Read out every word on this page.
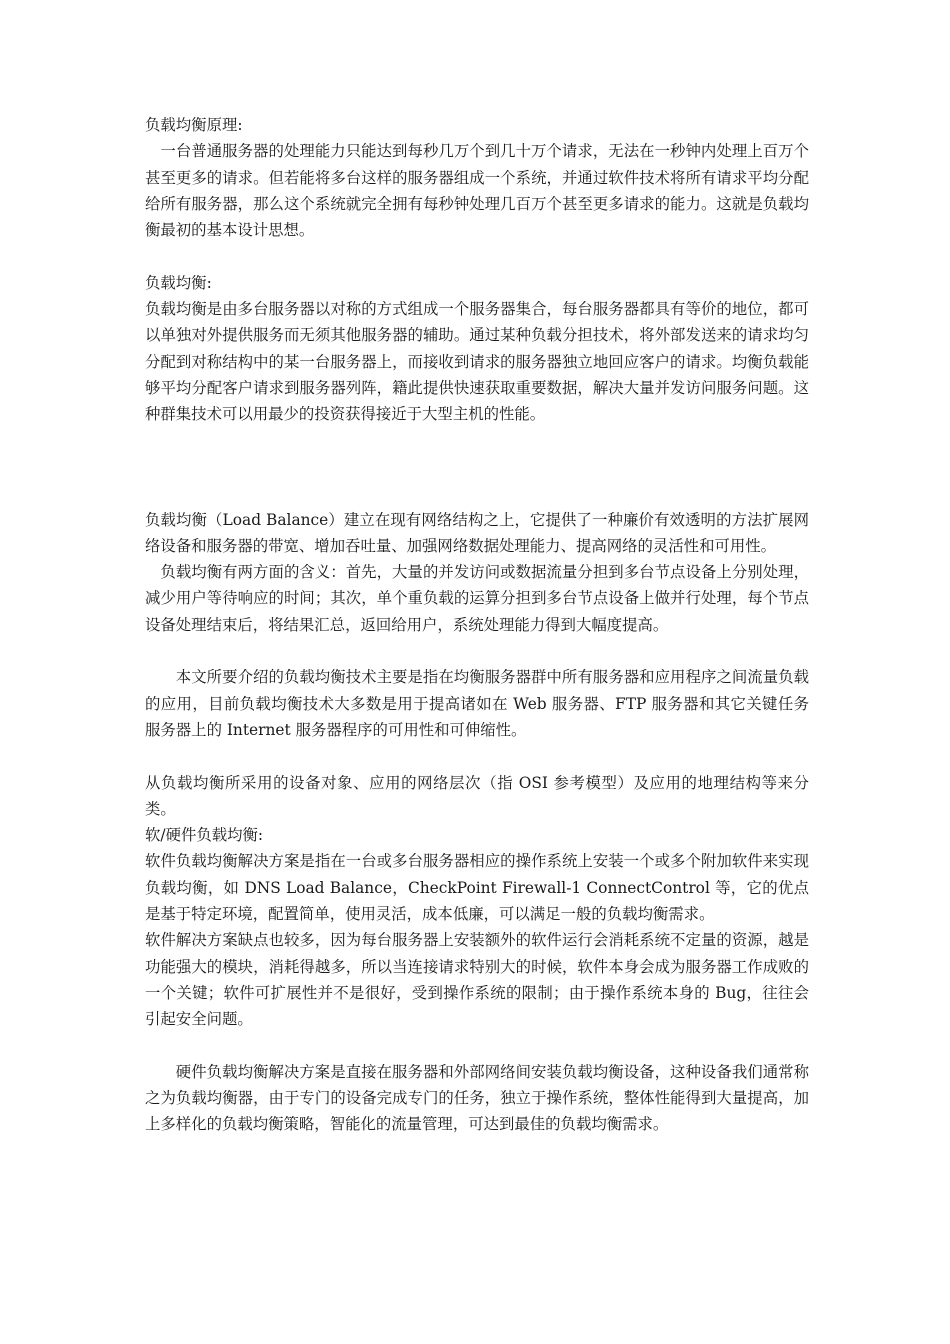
负载均衡原理:

一台普通服务器的处理能力只能达到每秒几万个到几十万个请求，无法在一秒钟内处理上百万个甚至更多的请求。但若能将多台这样的服务器组成一个系统，并通过软件技术将所有请求平均分配给所有服务器，那么这个系统就完全拥有每秒钟处理几百万个甚至更多请求的能力。这就是负载均衡最初的基本设计思想。

负载均衡:

负载均衡是由多台服务器以对称的方式组成一个服务器集合，每台服务器都具有等价的地位，都可以单独对外提供服务而无须其他服务器的辅助。通过某种负载分担技术，将外部发送来的请求均匀分配到对称结构中的某一台服务器上，而接收到请求的服务器独立地回应客户的请求。均衡负载能够平均分配客户请求到服务器列阵，籍此提供快速获取重要数据，解决大量并发访问服务问题。这种群集技术可以用最少的投资获得接近于大型主机的性能。

负载均衡（Load Balance）建立在现有网络结构之上，它提供了一种廉价有效透明的方法扩展网络设备和服务器的带宽、增加吞吐量、加强网络数据处理能力、提高网络的灵活性和可用性。

负载均衡有两方面的含义：首先，大量的并发访问或数据流量分担到多台节点设备上分别处理，减少用户等待响应的时间；其次，单个重负载的运算分担到多台节点设备上做并行处理，每个节点设备处理结束后，将结果汇总，返回给用户，系统处理能力得到大幅度提高。

本文所要介绍的负载均衡技术主要是指在均衡服务器群中所有服务器和应用程序之间流量负载的应用，目前负载均衡技术大多数是用于提高诸如在 Web 服务器、FTP 服务器和其它关键任务服务器上的 Internet 服务器程序的可用性和可伸缩性。

从负载均衡所采用的设备对象、应用的网络层次（指 OSI 参考模型）及应用的地理结构等来分类。

软/硬件负载均衡:

软件负载均衡解决方案是指在一台或多台服务器相应的操作系统上安装一个或多个附加软件来实现负载均衡，如 DNS Load Balance，CheckPoint Firewall-1 ConnectControl 等，它的优点是基于特定环境，配置简单，使用灵活，成本低廉，可以满足一般的负载均衡需求。

软件解决方案缺点也较多，因为每台服务器上安装额外的软件运行会消耗系统不定量的资源，越是功能强大的模块，消耗得越多，所以当连接请求特别大的时候，软件本身会成为服务器工作成败的一个关键；软件可扩展性并不是很好，受到操作系统的限制；由于操作系统本身的 Bug，往往会引起安全问题。

硬件负载均衡解决方案是直接在服务器和外部网络间安装负载均衡设备，这种设备我们通常称之为负载均衡器，由于专门的设备完成专门的任务，独立于操作系统，整体性能得到大量提高，加上多样化的负载均衡策略，智能化的流量管理，可达到最佳的负载均衡需求。
